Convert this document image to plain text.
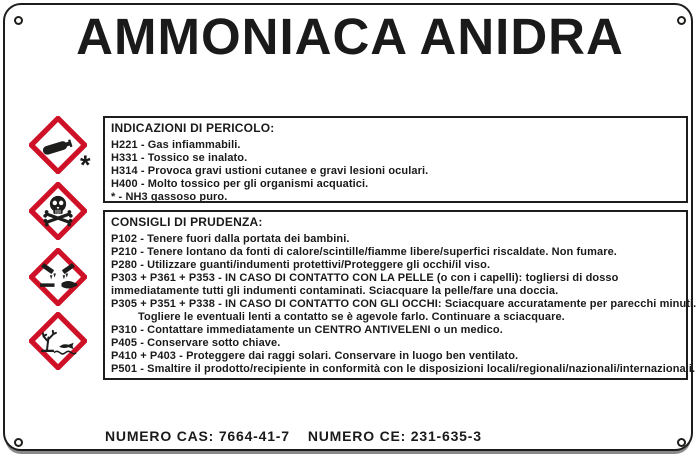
AMMONIACA ANIDRA
*
INDICAZIONI DI PERICOLO:
H221 - Gas infiammabili.
H331 - Tossico se inalato.
H314 - Provoca gravi ustioni cutanee e gravi lesioni oculari.
H400 - Molto tossico per gli organismi acquatici.
* - NH3 gassoso puro.
CONSIGLI DI PRUDENZA:
P102 - Tenere fuori dalla portata dei bambini.
P210 - Tenere lontano da fonti di calore/scintille/fiamme libere/superfici riscaldate. Non fumare.
P280 - Utilizzare guanti/indumenti protettivi/Proteggere gli occhi/il viso.
P303 + P361 + P353 - IN CASO DI CONTATTO CON LA PELLE (o con i capelli): togliersi di dosso
immediatamente tutti gli indumenti contaminati. Sciacquare la pelle/fare una doccia.
P305 + P351 + P338 - IN CASO DI CONTATTO CON GLI OCCHI: Sciacquare accuratamente per parecchi minuti.
Togliere le eventuali lenti a contatto se è agevole farlo. Continuare a sciacquare.
P310 - Contattare immediatamente un CENTRO ANTIVELENI o un medico.
P405 - Conservare sotto chiave.
P410 + P403 - Proteggere dai raggi solari. Conservare in luogo ben ventilato.
P501 - Smaltire il prodotto/recipiente in conformità con le disposizioni locali/regionali/nazionali/internazionali.
NUMERO CAS: 7664-41-7 NUMERO CE: 231-635-3
